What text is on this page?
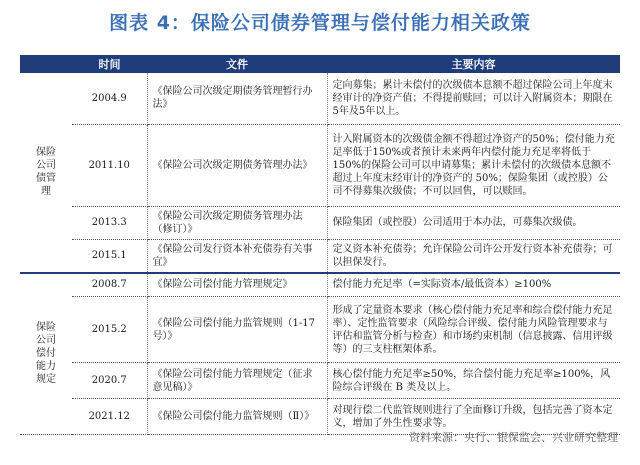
图表 4：保险公司债券管理与偿付能力相关政策
	时间	文件	主要内容

保险公司债管理	2004.9	《保险公司次级定期债务管理暂行办法》	定向募集；累计未偿付的次级债本息额不超过保险公司上年度末经审计的净资产值；不得提前赎回；可以计入附属资本；期限在5年及5年以上。
	2011.10	《保险公司次级定期债务管理办法》	计入附属资本的次级债金额不得超过净资产的50%；偿付能力充足率低于150%或者预计未来两年内偿付能力充足率将低于150%的保险公司可以申请募集；累计未偿付的次级债本息额不超过上年度末经审计的净资产的 50%；保险集团（或控股）公司不得募集次级债；不可以回售，可以赎回。
	2013.3	《保险公司次级定期债务管理办法（修订）》	保险集团（或控股）公司适用于本办法，可募集次级债。
	2015.1	《保险公司发行资本补充债券有关事宜》	定义资本补充债券；允许保险公司许公开发行资本补充债券；可以担保发行。

保险公司偿付能力规定	2008.7	《保险公司偿付能力管理规定》	偿付能力充足率（=实际资本/最低资本）≥100%
	2015.2	《保险公司偿付能力监管规则（1-17号）》	形成了定量资本要求（核心偿付能力充足率和综合偿付能力充足率）、定性监管要求（风险综合评级、偿付能力风险管理要求与评估和监管分析与检查）和市场约束机制（信息披露、信用评级等）的三支柱框架体系。
	2020.7	《保险公司偿付能力管理规定（征求意见稿）》	核心偿付能力充足率≥50%，综合偿付能力充足率≥100%，风险综合评级在 B 类及以上。
	2021.12	《保险公司偿付能力监管规则（Ⅱ）》	对现行偿二代监管规则进行了全面修订升级，包括完善了资本定义，增加了外生性要求等。
资料来源：央行、银保监会、兴业研究整理
